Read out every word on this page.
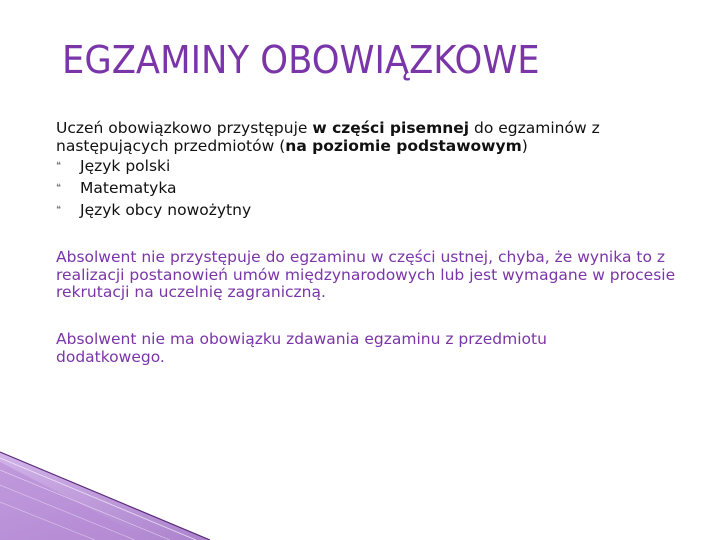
EGZAMINY OBOWIĄZKOWE
Uczeń obowiązkowo przystępuje w części pisemnej do egzaminów z następujących przedmiotów (na poziomie podstawowym)
❝ Język polski
❝ Matematyka
❝ Język obcy nowożytny
Absolwent nie przystępuje do egzaminu w części ustnej, chyba, że wynika to z realizacji postanowień umów międzynarodowych lub jest wymagane w procesie rekrutacji na uczelnię zagraniczną.
Absolwent nie ma obowiązku zdawania egzaminu z przedmiotu dodatkowego.
